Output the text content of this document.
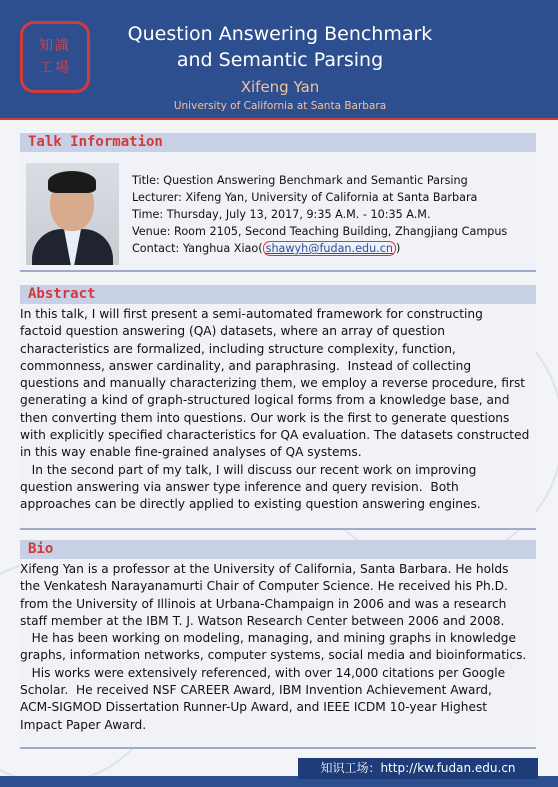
知識
工場
Question Answering Benchmark
and Semantic Parsing
Xifeng Yan
University of California at Santa Barbara
Talk Information
Title: Question Answering Benchmark and Semantic Parsing
Lecturer: Xifeng Yan, University of California at Santa Barbara
Time: Thursday, July 13, 2017, 9:35 A.M. - 10:35 A.M.
Venue: Room 2105, Second Teaching Building, Zhangjiang Campus
Contact: Yanghua Xiao( shawyh@fudan.edu.cn )
Abstract
In this talk, I will first present a semi-automated framework for constructing
factoid question answering (QA) datasets, where an array of question
characteristics are formalized, including structure complexity, function,
commonness, answer cardinality, and paraphrasing.  Instead of collecting
questions and manually characterizing them, we employ a reverse procedure, first
generating a kind of graph-structured logical forms from a knowledge base, and
then converting them into questions. Our work is the first to generate questions
with explicitly specified characteristics for QA evaluation. The datasets constructed
in this way enable fine-grained analyses of QA systems.
In the second part of my talk, I will discuss our recent work on improving
question answering via answer type inference and query revision.  Both
approaches can be directly applied to existing question answering engines.
Bio
Xifeng Yan is a professor at the University of California, Santa Barbara. He holds
the Venkatesh Narayanamurti Chair of Computer Science. He received his Ph.D.
from the University of Illinois at Urbana-Champaign in 2006 and was a research
staff member at the IBM T. J. Watson Research Center between 2006 and 2008.
He has been working on modeling, managing, and mining graphs in knowledge
graphs, information networks, computer systems, social media and bioinformatics.
His works were extensively referenced, with over 14,000 citations per Google
Scholar.  He received NSF CAREER Award, IBM Invention Achievement Award,
ACM-SIGMOD Dissertation Runner-Up Award, and IEEE ICDM 10-year Highest
Impact Paper Award.
知识工场：http://kw.fudan.edu.cn
